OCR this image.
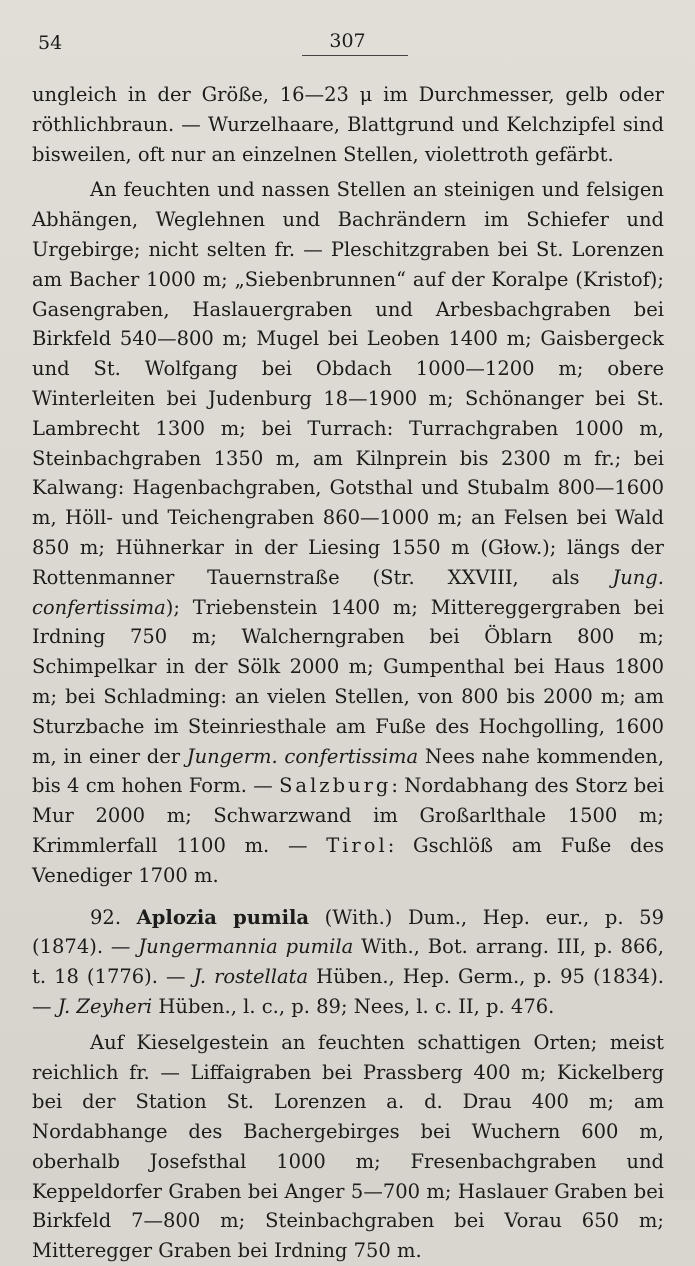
54	307

ungleich in der Größe, 16—23 μ im Durchmesser, gelb oder röthlichbraun. — Wurzelhaare, Blattgrund und Kelchzipfel sind bisweilen, oft nur an einzelnen Stellen, violettroth gefärbt.

An feuchten und nassen Stellen an steinigen und felsigen Abhängen, Weglehnen und Bachrändern im Schiefer und Urgebirge; nicht selten fr. — Pleschitzgraben bei St. Lorenzen am Bacher 1000 m; „Siebenbrunnen“ auf der Koralpe (Kristof); Gasengraben, Haslauergraben und Arbesbachgraben bei Birkfeld 540—800 m; Mugel bei Leoben 1400 m; Gaisbergeck und St. Wolfgang bei Obdach 1000—1200 m; obere Winterleiten bei Judenburg 18—1900 m; Schönanger bei St. Lambrecht 1300 m; bei Turrach: Turrachgraben 1000 m, Steinbachgraben 1350 m, am Kilnprein bis 2300 m fr.; bei Kalwang: Hagenbachgraben, Gotsthal und Stubalm 800—1600 m, Höll- und Teichengraben 860—1000 m; an Felsen bei Wald 850 m; Hühnerkar in der Liesing 1550 m (Głow.); längs der Rottenmanner Tauernstraße (Str. XXVIII, als Jung. confertissima); Triebenstein 1400 m; Mittereggergraben bei Irdning 750 m; Walcherngraben bei Öblarn 800 m; Schimpelkar in der Sölk 2000 m; Gumpenthal bei Haus 1800 m; bei Schladming: an vielen Stellen, von 800 bis 2000 m; am Sturzbache im Steinriesthale am Fuße des Hochgolling, 1600 m, in einer der Jungerm. confertissima Nees nahe kommenden, bis 4 cm hohen Form. — Salzburg: Nordabhang des Storz bei Mur 2000 m; Schwarzwand im Großarlthale 1500 m; Krimmlerfall 1100 m. — Tirol: Gschlöß am Fuße des Venediger 1700 m.

92. Aplozia pumila (With.) Dum., Hep. eur., p. 59 (1874). — Jungermannia pumila With., Bot. arrang. III, p. 866, t. 18 (1776). — J. rostellata Hüben., Hep. Germ., p. 95 (1834). — J. Zeyheri Hüben., l. c., p. 89; Nees, l. c. II, p. 476.

Auf Kieselgestein an feuchten schattigen Orten; meist reichlich fr. — Liffaigraben bei Prassberg 400 m; Kickelberg bei der Station St. Lorenzen a. d. Drau 400 m; am Nordabhange des Bachergebirges bei Wuchern 600 m, oberhalb Josefsthal 1000 m; Fresenbachgraben und Keppeldorfer Graben bei Anger 5—700 m; Haslauer Graben bei Birkfeld 7—800 m; Steinbachgraben bei Vorau 650 m; Mitteregger Graben bei Irdning 750 m.
